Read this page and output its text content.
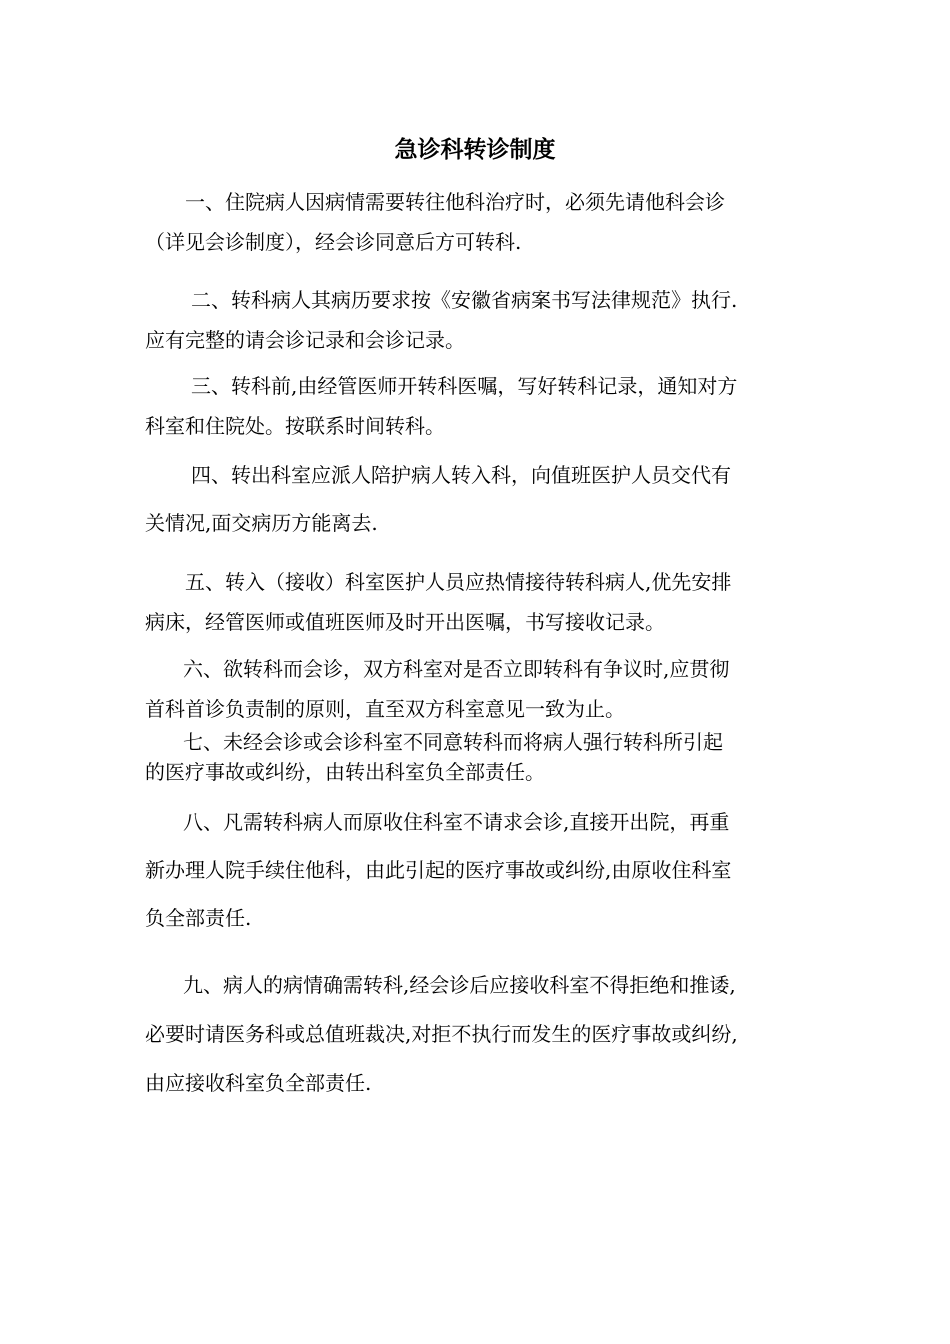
急诊科转诊制度
一、住院病人因病情需要转往他科治疗时，必须先请他科会诊
（详见会诊制度），经会诊同意后方可转科.
二、转科病人其病历要求按《安徽省病案书写法律规范》执行.
应有完整的请会诊记录和会诊记录。
三、转科前,由经管医师开转科医嘱，写好转科记录，通知对方
科室和住院处。按联系时间转科。
四、转出科室应派人陪护病人转入科，向值班医护人员交代有
关情况,面交病历方能离去.
五、转入（接收）科室医护人员应热情接待转科病人,优先安排
病床，经管医师或值班医师及时开出医嘱，书写接收记录。
六、欲转科而会诊，双方科室对是否立即转科有争议时,应贯彻
首科首诊负责制的原则，直至双方科室意见一致为止。
七、未经会诊或会诊科室不同意转科而将病人强行转科所引起
的医疗事故或纠纷，由转出科室负全部责任。
八、凡需转科病人而原收住科室不请求会诊,直接开出院，再重
新办理人院手续住他科，由此引起的医疗事故或纠纷,由原收住科室
负全部责任.
九、病人的病情确需转科,经会诊后应接收科室不得拒绝和推诿,
必要时请医务科或总值班裁决,对拒不执行而发生的医疗事故或纠纷,
由应接收科室负全部责任.
